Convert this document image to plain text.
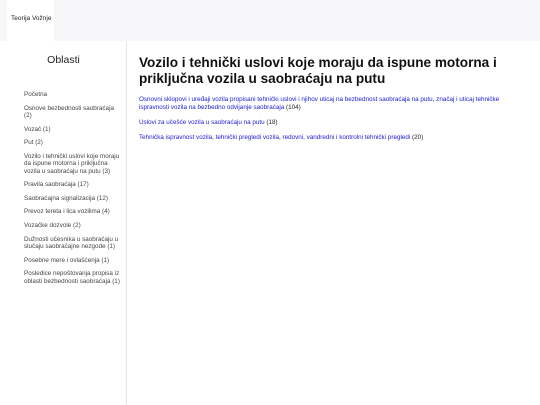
Teorija Vožnje
Oblasti
Početna
Osnove bezbednosti saobraćaja (2)
Vozač (1)
Put (2)
Vozilo i tehnički uslovi koje moraju da ispune motorna i priključna vozila u saobraćaju na putu (3)
Pravila saobraćaja (17)
Saobraćajna signalizacija (12)
Prevoz tereta i lica vozilima (4)
Vozačke dozvole (2)
Dužnosti učesnika u saobraćaju u slučaju saobraćajne nezgode (1)
Posebne mere i ovlašćenja (1)
Posledice nepoštovanja propisa iz oblasti bezbednosti saobraćaja (1)
Vozilo i tehnički uslovi koje moraju da ispune motorna i priključna vozila u saobraćaju na putu
Osnovni sklopovi i uređaji vozila propisani tehnički uslovi i njihov uticaj na bezbednost saobraćaja na putu, značaj i uticaj tehničke ispravnosti vozila na bezbedno odvijanje saobraćaja (104)
Uslovi za učešće vozila u saobraćaju na putu (18)
Tehnička ispravnost vozila, tehnički pregledi vozila, redovni, vandredni i kontrolni tehnički pregledi (20)
